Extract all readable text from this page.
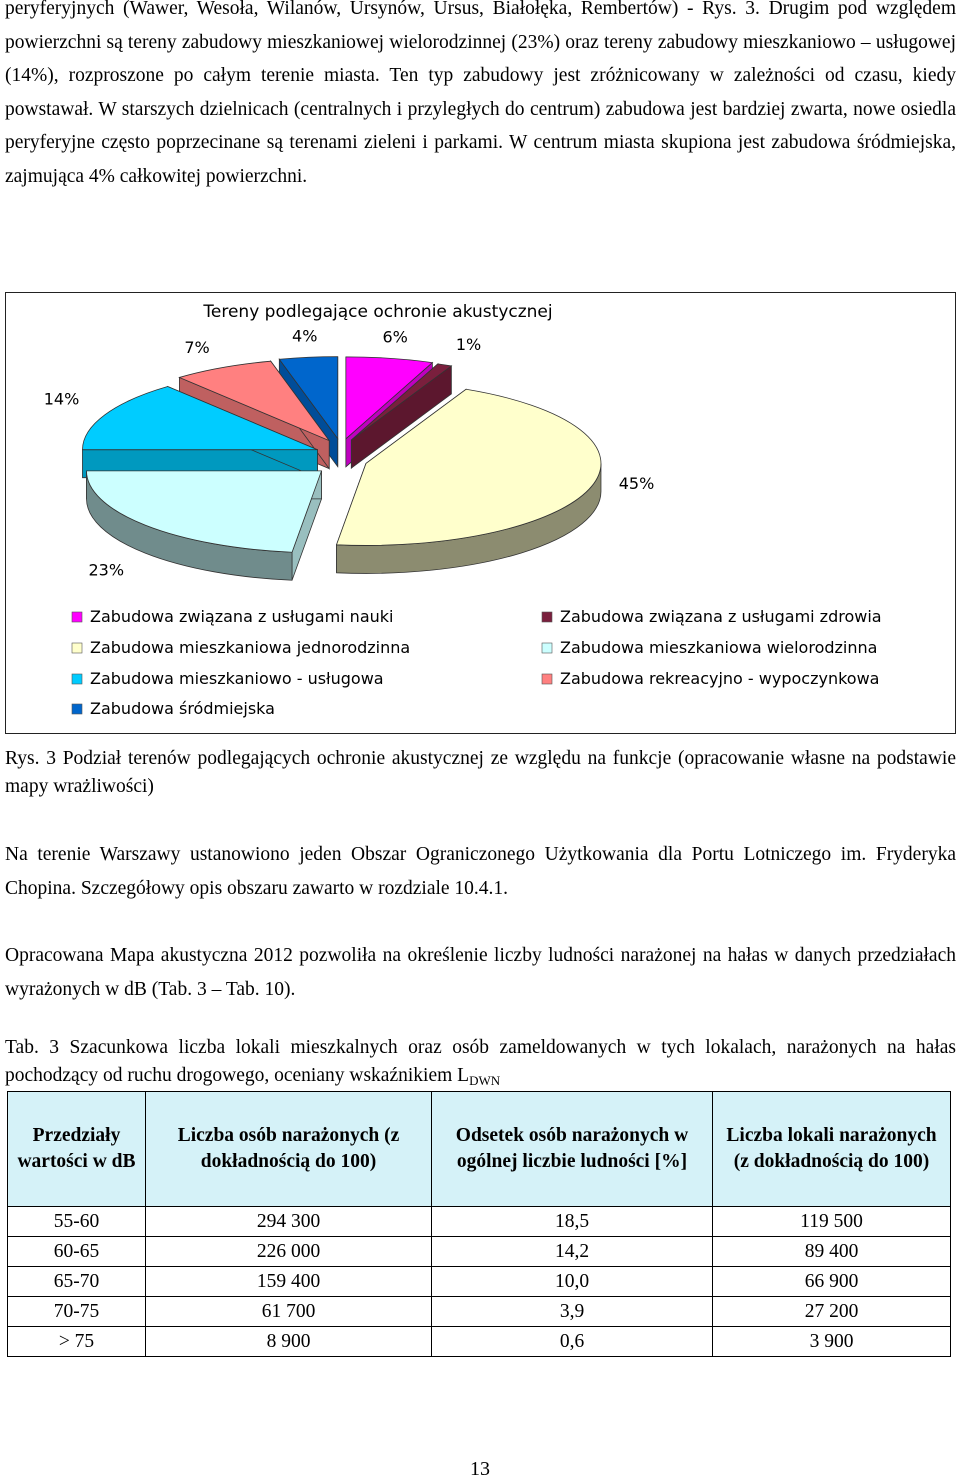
peryferyjnych (Wawer, Wesoła, Wilanów, Ursynów, Ursus, Białołęka, Rembertów) - Rys. 3. Drugim pod względem powierzchni są tereny zabudowy mieszkaniowej wielorodzinnej (23%) oraz tereny zabudowy mieszkaniowo – usługowej (14%), rozproszone po całym terenie miasta. Ten typ zabudowy jest zróżnicowany w zależności od czasu, kiedy powstawał. W starszych dzielnicach (centralnych i przyległych do centrum) zabudowa jest bardziej zwarta, nowe osiedla peryferyjne często poprzecinane są terenami zieleni i parkami. W centrum miasta skupiona jest zabudowa śródmiejska, zajmująca 4% całkowitej powierzchni.

Tereny podlegające ochronie akustycznej
6%	1%
45%
23%
14%
7%
4%
Zabudowa związana z usługami nauki	Zabudowa związana z usługami zdrowia
Zabudowa mieszkaniowa jednorodzinna	Zabudowa mieszkaniowa wielorodzinna
Zabudowa mieszkaniowo - usługowa	Zabudowa rekreacyjno - wypoczynkowa
Zabudowa śródmiejska

Rys. 3 Podział terenów podlegających ochronie akustycznej ze względu na funkcje (opracowanie własne na podstawie mapy wrażliwości)

Na terenie Warszawy ustanowiono jeden Obszar Ograniczonego Użytkowania dla Portu Lotniczego im. Fryderyka Chopina. Szczegółowy opis obszaru zawarto w rozdziale 10.4.1.

Opracowana Mapa akustyczna 2012 pozwoliła na określenie liczby ludności narażonej na hałas w danych przedziałach wyrażonych w dB (Tab. 3 – Tab. 10).

Tab. 3 Szacunkowa liczba lokali mieszkalnych oraz osób zameldowanych w tych lokalach, narażonych na hałas pochodzący od ruchu drogowego, oceniany wskaźnikiem $L_{DWN}$

Przedziały wartości w dB	Liczba osób narażonych (z dokładnością do 100)	Odsetek osób narażonych w ogólnej liczbie ludności [%]	Liczba lokali narażonych (z dokładnością do 100)
55-60	294 300	18,5	119 500
60-65	226 000	14,2	89 400
65-70	159 400	10,0	66 900
70-75	61 700	3,9	27 200
> 75	8 900	0,6	3 900
13
